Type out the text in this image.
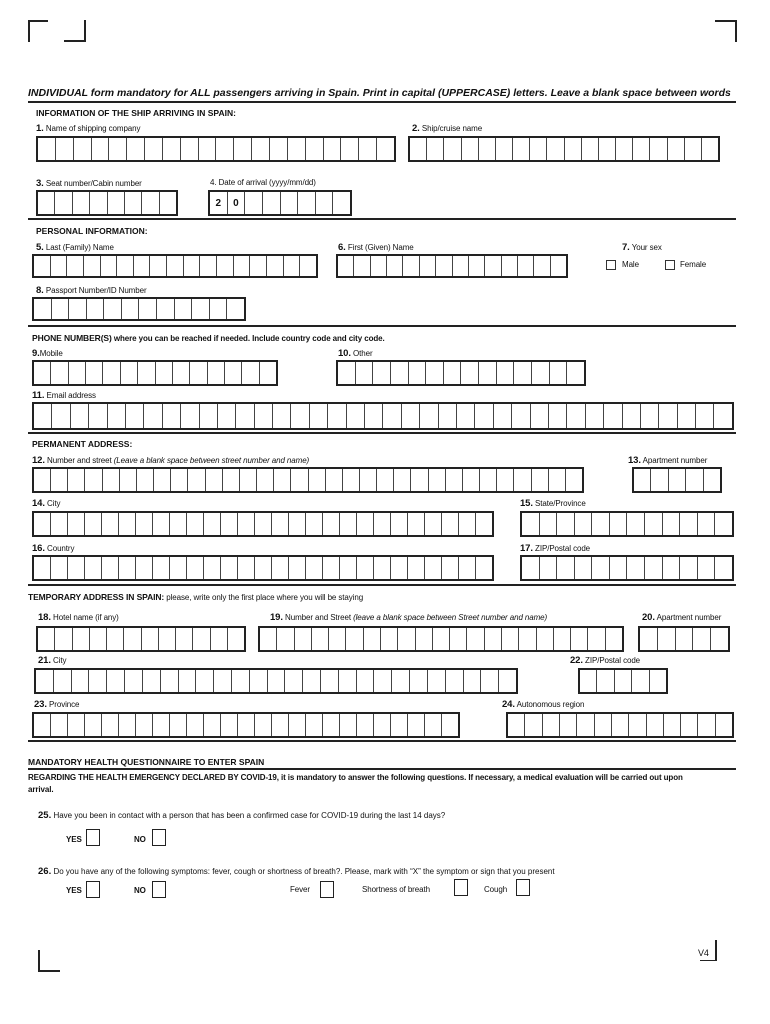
INDIVIDUAL form mandatory for ALL passengers arriving in Spain. Print in capital (UPPERCASE) letters. Leave a blank space between words
INFORMATION OF THE SHIP ARRIVING IN SPAIN:
1. Name of shipping company	2. Ship/cruise name
3. Seat number/Cabin number	4. Date of arrival (yyyy/mm/dd)
2	0
PERSONAL INFORMATION:
5. Last (Family) Name	6. First (Given) Name	7. Your sex
Male	Female
8. Passport Number/ID Number
PHONE NUMBER(S) where you can be reached if needed. Include country code and city code.
9.Mobile	10. Other
11. Email address
PERMANENT ADDRESS:
12. Number and street (Leave a blank space between street number and name)	13. Apartment number
14. City	15. State/Province
16. Country	17. ZIP/Postal code
TEMPORARY ADDRESS IN SPAIN: please, write only the first place where you will be staying
18. Hotel name (if any)	19. Number and Street (leave a blank space between Street number and name)	20. Apartment number
21. City	22. ZIP/Postal code
23. Province	24. Autonomous region
MANDATORY HEALTH QUESTIONNAIRE TO ENTER SPAIN
REGARDING THE HEALTH EMERGENCY DECLARED BY COVID-19, it is mandatory to answer the following questions. If necessary, a medical evaluation will be carried out upon
arrival.
25. Have you been in contact with a person that has been a confirmed case for COVID-19 during the last 14 days?
YES	NO
26. Do you have any of the following symptoms: fever, cough or shortness of breath?. Please, mark with “X” the symptom or sign that you present
YES	NO	Fever	Shortness of breath	Cough
V4
